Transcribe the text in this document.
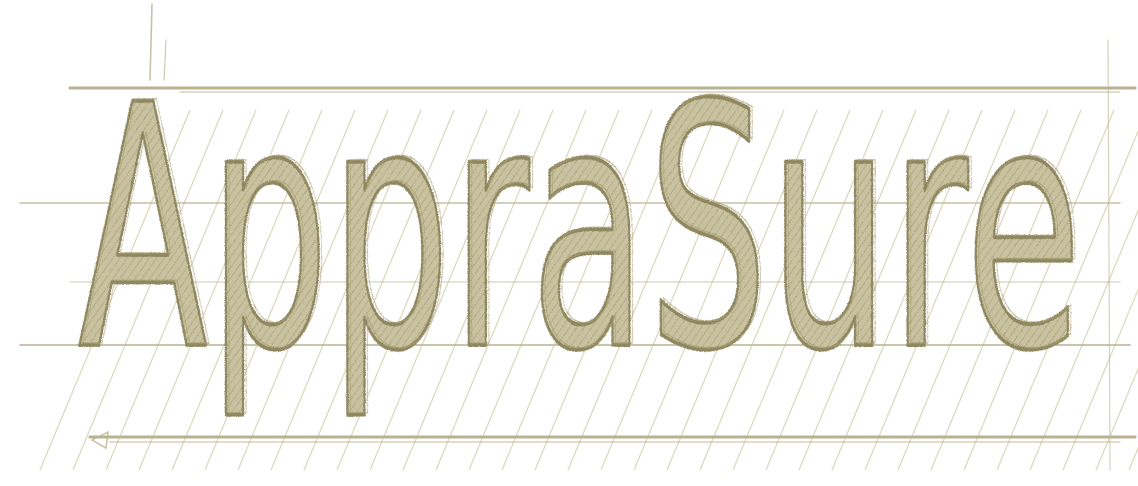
AppraSure
AppraSure
AppraSure
